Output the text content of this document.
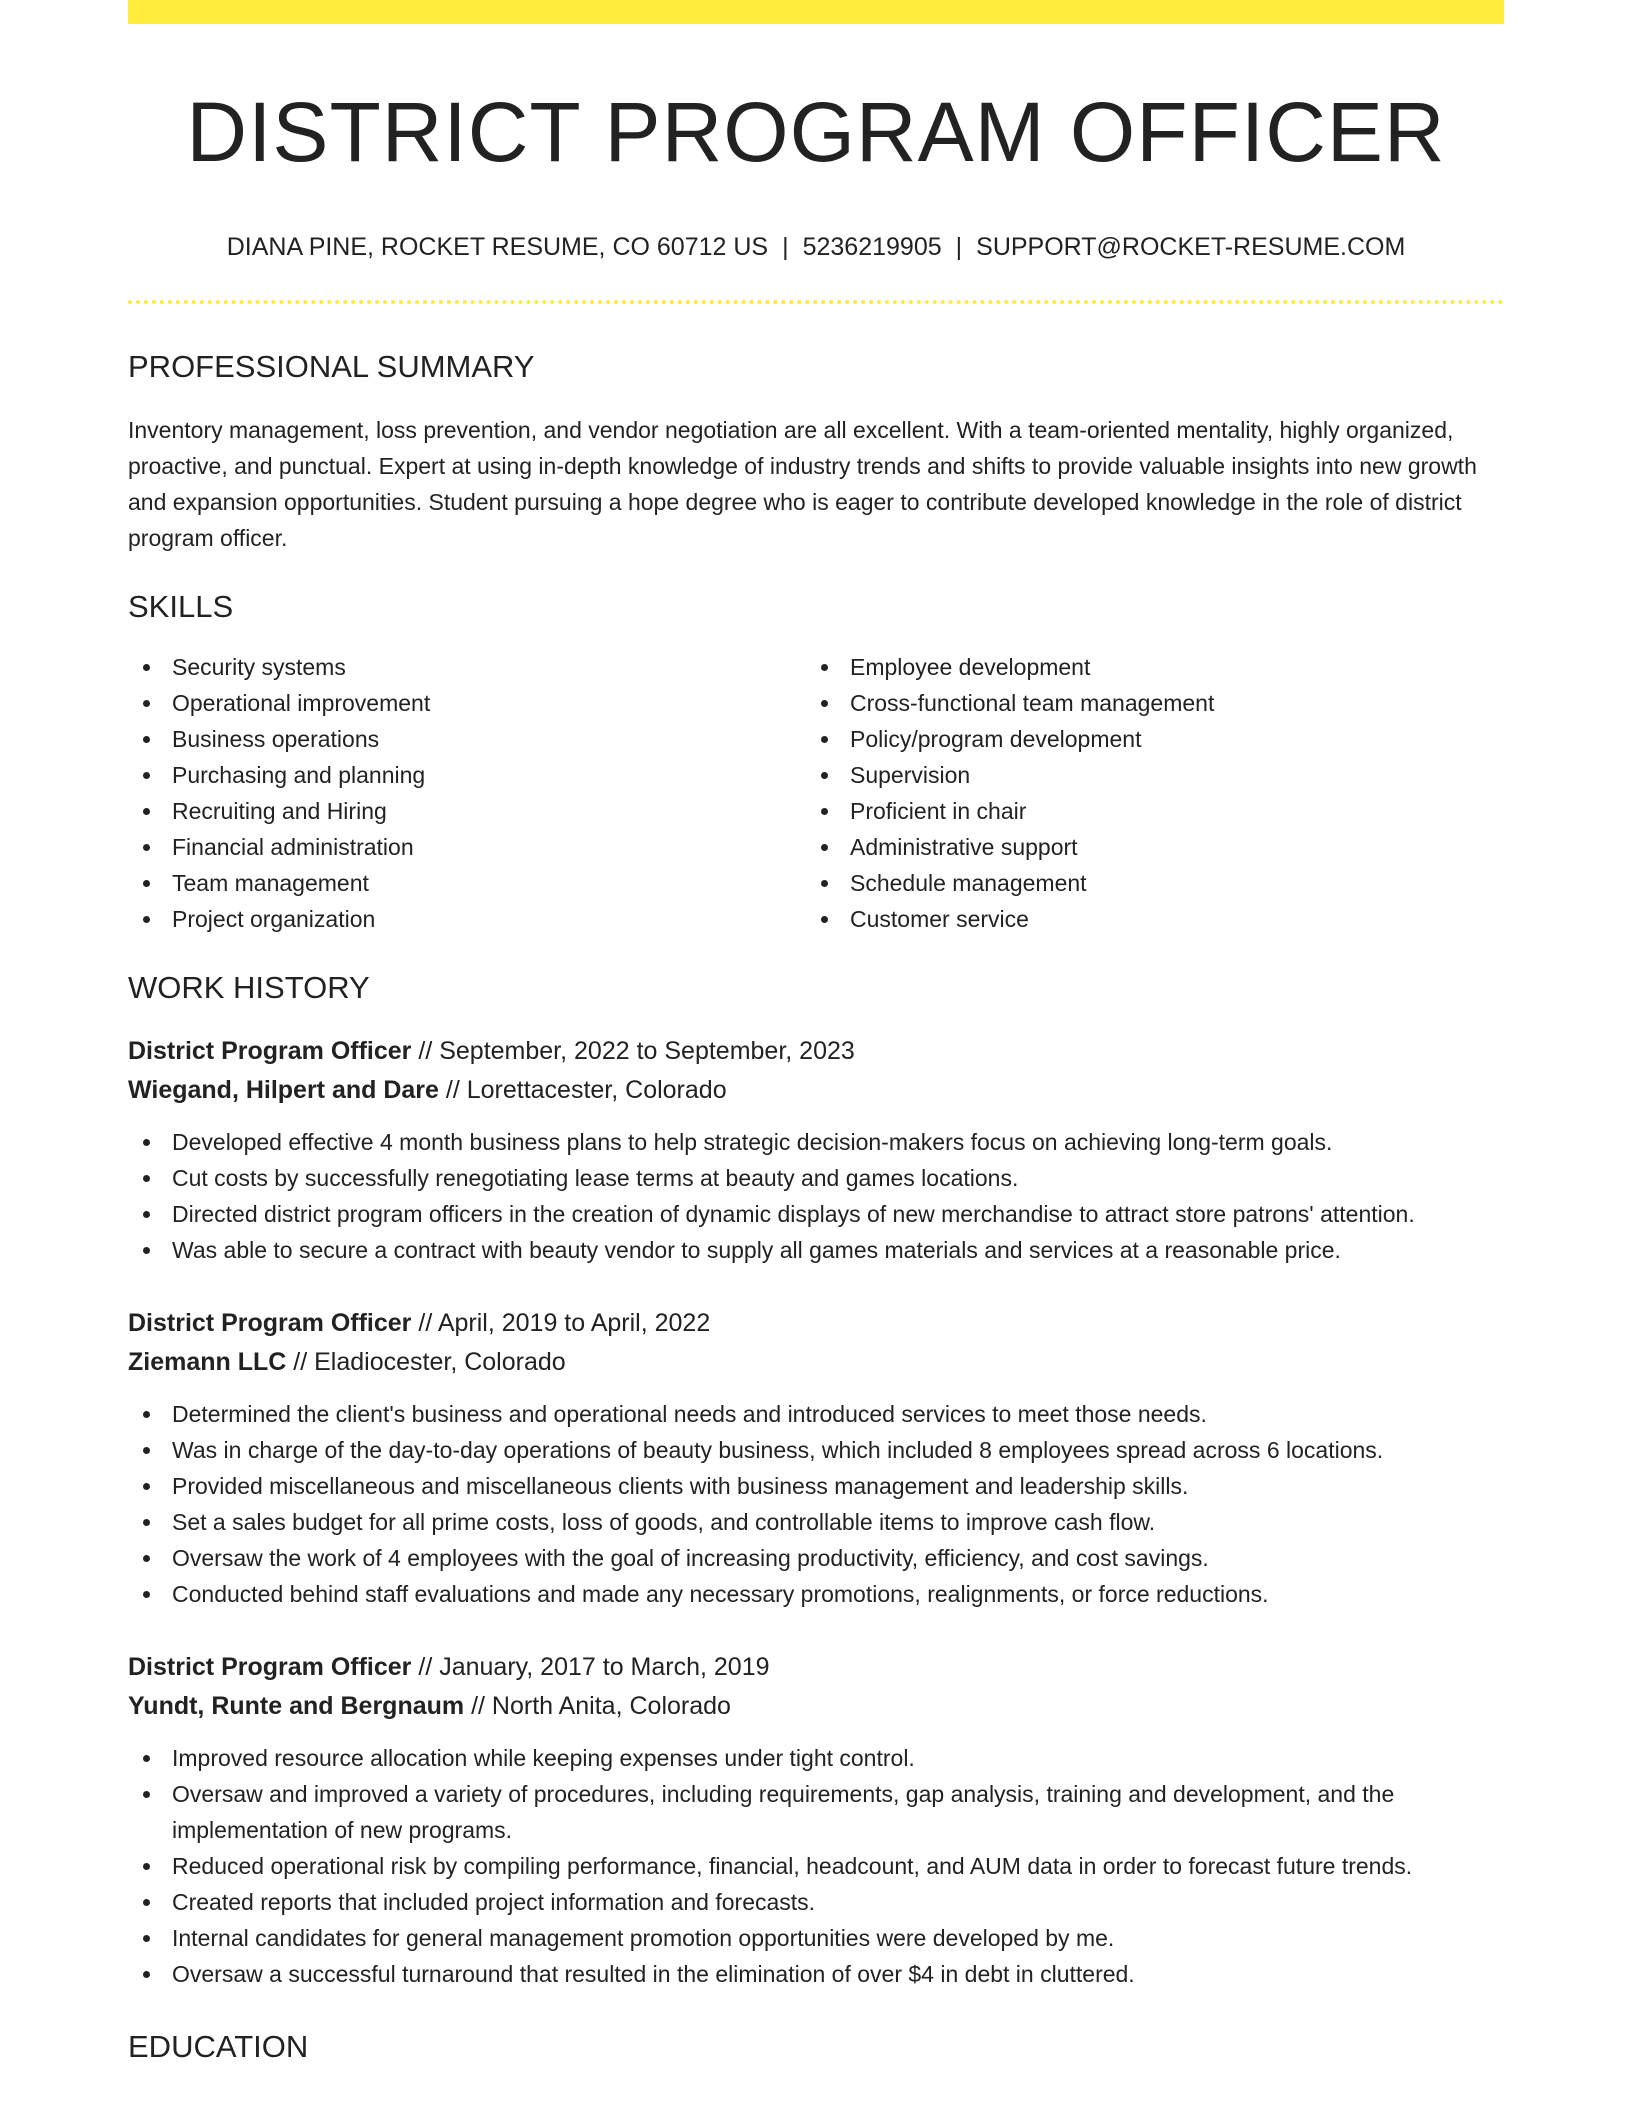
DISTRICT PROGRAM OFFICER
DIANA PINE, ROCKET RESUME, CO 60712 US | 5236219905 | SUPPORT@ROCKET-RESUME.COM
PROFESSIONAL SUMMARY

Inventory management, loss prevention, and vendor negotiation are all excellent. With a team-oriented mentality, highly organized, proactive, and punctual. Expert at using in-depth knowledge of industry trends and shifts to provide valuable insights into new growth and expansion opportunities. Student pursuing a hope degree who is eager to contribute developed knowledge in the role of district program officer.

SKILLS
Security systems
Operational improvement
Business operations
Purchasing and planning
Recruiting and Hiring
Financial administration
Team management
Project organization
Employee development
Cross-functional team management
Policy/program development
Supervision
Proficient in chair
Administrative support
Schedule management
Customer service
WORK HISTORY
District Program Officer // September, 2022 to September, 2023
Wiegand, Hilpert and Dare // Lorettacester, Colorado
Developed effective 4 month business plans to help strategic decision-makers focus on achieving long-term goals.
Cut costs by successfully renegotiating lease terms at beauty and games locations.
Directed district program officers in the creation of dynamic displays of new merchandise to attract store patrons' attention.
Was able to secure a contract with beauty vendor to supply all games materials and services at a reasonable price.
District Program Officer // April, 2019 to April, 2022
Ziemann LLC // Eladiocester, Colorado
Determined the client's business and operational needs and introduced services to meet those needs.
Was in charge of the day-to-day operations of beauty business, which included 8 employees spread across 6 locations.
Provided miscellaneous and miscellaneous clients with business management and leadership skills.
Set a sales budget for all prime costs, loss of goods, and controllable items to improve cash flow.
Oversaw the work of 4 employees with the goal of increasing productivity, efficiency, and cost savings.
Conducted behind staff evaluations and made any necessary promotions, realignments, or force reductions.
District Program Officer // January, 2017 to March, 2019
Yundt, Runte and Bergnaum // North Anita, Colorado
Improved resource allocation while keeping expenses under tight control.
Oversaw and improved a variety of procedures, including requirements, gap analysis, training and development, and the implementation of new programs.
Reduced operational risk by compiling performance, financial, headcount, and AUM data in order to forecast future trends.
Created reports that included project information and forecasts.
Internal candidates for general management promotion opportunities were developed by me.
Oversaw a successful turnaround that resulted in the elimination of over $4 in debt in cluttered.
EDUCATION
